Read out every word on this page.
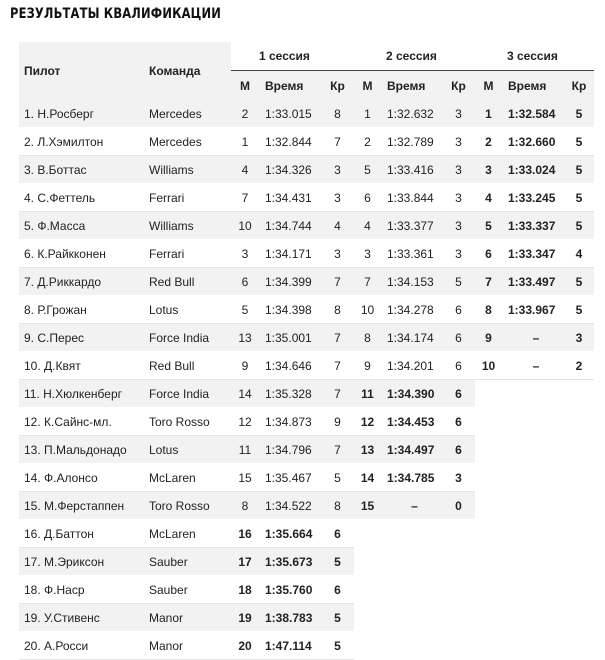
РЕЗУЛЬТАТЫ КВАЛИФИКАЦИИ
Пилот	Команда	1 сессия			2 сессия			3 сессия		
		М	Время	Кр	М	Время	Кр	М	Время	Кр
1. Н.Росберг	Mercedes	2	1:33.015	8	1	1:32.632	3	1	1:32.584	5
2. Л.Хэмилтон	Mercedes	1	1:32.844	7	2	1:32.789	3	2	1:32.660	5
3. В.Боттас	Williams	4	1:34.326	3	5	1:33.416	3	3	1:33.024	5
4. С.Феттель	Ferrari	7	1:34.431	3	6	1:33.844	3	4	1:33.245	5
5. Ф.Масса	Williams	10	1:34.744	4	4	1:33.377	3	5	1:33.337	5
6. К.Райкконен	Ferrari	3	1:34.171	3	3	1:33.361	3	6	1:33.347	4
7. Д.Риккардо	Red Bull	6	1:34.399	7	7	1:34.153	5	7	1:33.497	5
8. Р.Грожан	Lotus	5	1:34.398	8	10	1:34.278	6	8	1:33.967	5
9. С.Перес	Force India	13	1:35.001	7	8	1:34.174	6	9	–	3
10. Д.Квят	Red Bull	9	1:34.646	7	9	1:34.201	6	10	–	2
11. Н.Хюлкенберг	Force India	14	1:35.328	7	11	1:34.390	6			
12. К.Сайнс-мл.	Toro Rosso	12	1:34.873	9	12	1:34.453	6			
13. П.Мальдонадо	Lotus	11	1:34.796	7	13	1:34.497	6			
14. Ф.Алонсо	McLaren	15	1:35.467	5	14	1:34.785	3			
15. М.Ферстаппен	Toro Rosso	8	1:34.522	8	15	–	0			
16. Д.Баттон	McLaren	16	1:35.664	6						
17. М.Эриксон	Sauber	17	1:35.673	5						
18. Ф.Наср	Sauber	18	1:35.760	6						
19. У.Стивенс	Manor	19	1:38.783	5						
20. А.Росси	Manor	20	1:47.114	5						
